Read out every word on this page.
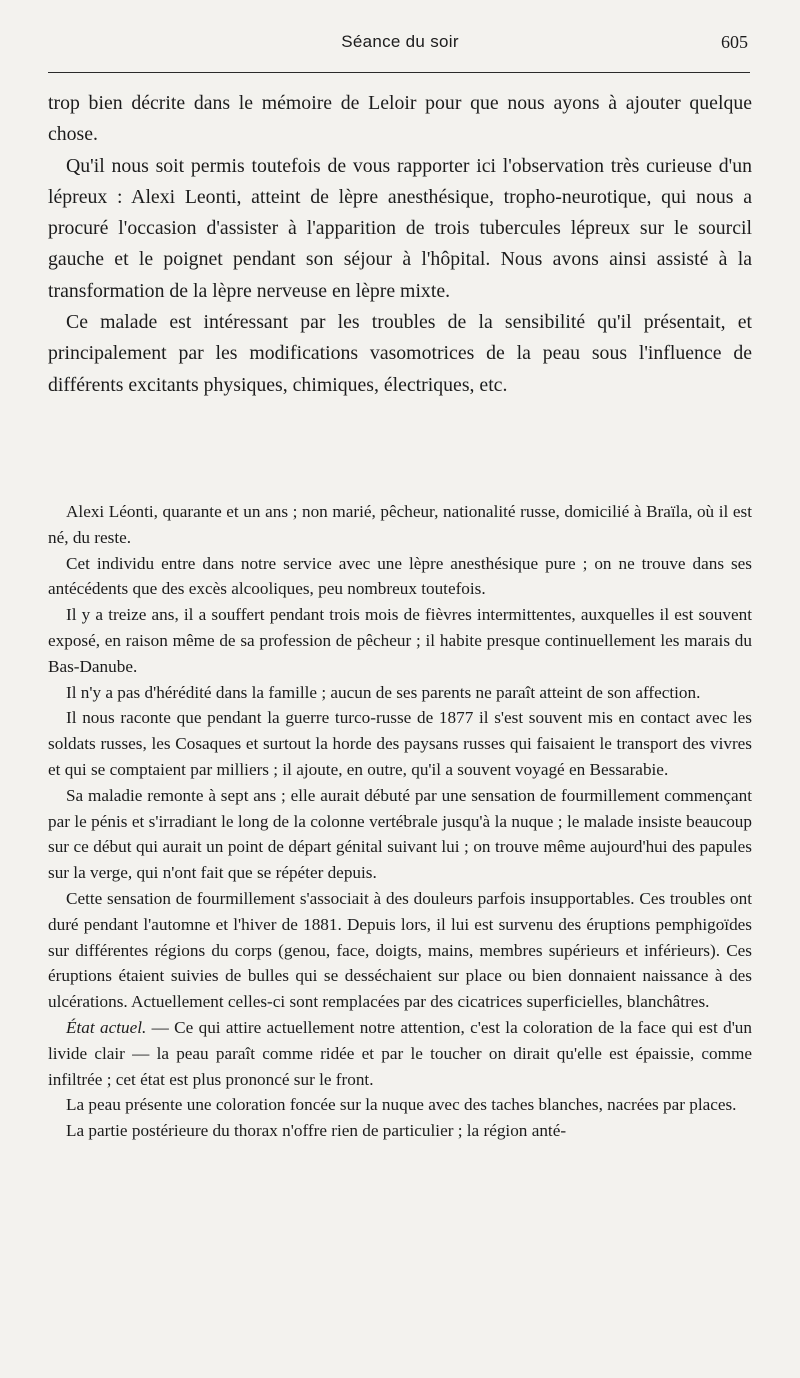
Séance du soir	605

trop bien décrite dans le mémoire de Leloir pour que nous ayons à ajouter quelque chose.

Qu'il nous soit permis toutefois de vous rapporter ici l'observation très curieuse d'un lépreux : Alexi Leonti, atteint de lèpre anesthésique, tropho-neurotique, qui nous a procuré l'occasion d'assister à l'apparition de trois tubercules lépreux sur le sourcil gauche et le poignet pendant son séjour à l'hôpital. Nous avons ainsi assisté à la transformation de la lèpre nerveuse en lèpre mixte.

Ce malade est intéressant par les troubles de la sensibilité qu'il présentait, et principalement par les modifications vasomotrices de la peau sous l'influence de différents excitants physiques, chimiques, électriques, etc.

Alexi Léonti, quarante et un ans ; non marié, pêcheur, nationalité russe, domicilié à Braïla, où il est né, du reste.

Cet individu entre dans notre service avec une lèpre anesthésique pure ; on ne trouve dans ses antécédents que des excès alcooliques, peu nombreux toutefois.

Il y a treize ans, il a souffert pendant trois mois de fièvres intermittentes, auxquelles il est souvent exposé, en raison même de sa profession de pêcheur ; il habite presque continuellement les marais du Bas-Danube.

Il n'y a pas d'hérédité dans la famille ; aucun de ses parents ne paraît atteint de son affection.

Il nous raconte que pendant la guerre turco-russe de 1877 il s'est souvent mis en contact avec les soldats russes, les Cosaques et surtout la horde des paysans russes qui faisaient le transport des vivres et qui se comptaient par milliers ; il ajoute, en outre, qu'il a souvent voyagé en Bessarabie.

Sa maladie remonte à sept ans ; elle aurait débuté par une sensation de fourmillement commençant par le pénis et s'irradiant le long de la colonne vertébrale jusqu'à la nuque ; le malade insiste beaucoup sur ce début qui aurait un point de départ génital suivant lui ; on trouve même aujourd'hui des papules sur la verge, qui n'ont fait que se répéter depuis.

Cette sensation de fourmillement s'associait à des douleurs parfois insupportables. Ces troubles ont duré pendant l'automne et l'hiver de 1881. Depuis lors, il lui est survenu des éruptions pemphigoïdes sur différentes régions du corps (genou, face, doigts, mains, membres supérieurs et inférieurs). Ces éruptions étaient suivies de bulles qui se desséchaient sur place ou bien donnaient naissance à des ulcérations. Actuellement celles-ci sont remplacées par des cicatrices superficielles, blanchâtres.

État actuel. — Ce qui attire actuellement notre attention, c'est la coloration de la face qui est d'un livide clair — la peau paraît comme ridée et par le toucher on dirait qu'elle est épaissie, comme infiltrée ; cet état est plus prononcé sur le front.

La peau présente une coloration foncée sur la nuque avec des taches blanches, nacrées par places.

La partie postérieure du thorax n'offre rien de particulier ; la région anté-
